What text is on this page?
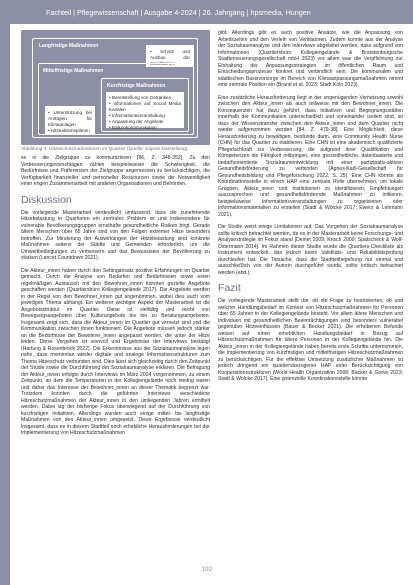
Fachteil | Pflegewissenschaft | Ausgabe 4-2024 | 26. Jahrgang | hpsmedia, Hungen
Langfristige Maßnahmen
• Schutz und Ausbau der Grünflächen
Mittelfristige Maßnahmen
• Unterstützung bei Anträgen für Klimaanlagen
• Hitzeaktionsplänen
Kurzfristige Maßnahmen
• Bereitstellung von Getränken
• Informationen auf Social Media Kanälen
• Informationsveranstaltung
• Anpassung der Angebote
• Balkonkommunikation
Abbildung 4: Hitzeschutzmaßnahmen im Quartier (Quelle: Eigene Darstellung)

se in die Zielgruppe zu kommunizieren [86, Z. 348-352]. Zu den Verbesserungsvorschlägen zählen beispielsweise die Schwierigkeit, die Bedürfnisse und Präferenzen der Zielgruppe angemessen zu berücksichtigen, die Verfügbarkeit finanzieller und personeller Ressourcen sowie die Notwendigkeit einer engen Zusammenarbeit mit anderen Organisationen und Behörden.

Diskussion

Die vorliegende Masterarbeit verdeutlicht umfassend, dass die zunehmende Hitzebelastung in Quartieren ein zentrales Problem ist und insbesondere für vulnerable Bevölkerungsgruppen ernsthafte gesundheitliche Risiken birgt. Gerade ältere Menschen über 65 Jahre sind von den Folgen extremer Hitze besonders betroffen. Zur Minderung der Auswirkungen der Hitzebelastung sind konkrete Maßnahmen seitens der Städte und Gemeinden erforderlich, um die Umweltbedingungen zu verbessern und das Bewusstsein der Bevölkerung zu stärken (Lancet Countdown 2021).

Die Akteur_innen haben durch den Settingansatz positive Erfahrungen im Quartier gemacht. Durch die Analyse von Bedarfen und Bedürfnissen sowie einen regelmäßigen Austausch mit den Bewohner_innen konnten gezielte Angebote geschaffen werden (Quartiersbüro Kollegiengelände 2017). Die Angebote werden in der Regel von den Bewohner_innen gut angenommen, wobei dies auch vom jeweiligen Thema abhängt. Ein weiterer wichtiger Aspekt der Masterarbeit ist die Angebotsstruktur im Quartier. Diese ist vielfältig und reicht von Bewegungsangeboten über Kulturangebote bis hin zu Beratungsangeboten. Insgesamt zeigt sich, dass die Akteur_innen im Quartier gut vernetzt sind und die Kommunikation zwischen ihnen funktioniert. Die Angebote müssen jedoch stärker an die Bedürfnisse der Bewohner_innen angepasst werden, die unter der Hitze leiden. Diese Vorgehen ist sinnvoll und Ergebnisse der Interviews bestätigt (Hartung & Rosenbrock 2022). Die Erkenntnisse aus der Sozialraumanalyse legen nahe, dass momentan wieder digitale und analoge Informationsstrukturen zum Thema Hitzeschutz verbunden sind. Dies lässt sich gleichzeitig durch den Zeitpunkt der Studie sowie die Durchführung der Sozialraumanalyse erklären. Die Befragung der Akteur_innen erfolgte durch Interviews im März 2024 vorgenommen, zu einem Zeitpunkt, an dem die Temperaturen in der Kollegiengelände noch niedrig waren und daher das Interesse der Bewohner_innen an dieser Thematik begrenzt war. Trotzdem konnten durch die geführten Interviews verschiedene Hitzeschutzmaßnahmen der Akteur_innen in den umliegenden Jahren ermittelt werden. Dabei lag der bisherige Fokus überwiegend auf der Durchführung von kurzfristigen Initiativen. Allerdings wurden auch einige mittel- bis langfristige Maßnahmen von den Akteur_innen umgesetzt. Diese Ergebnisse verdeutlicht insgesamt, dass es in diesem Stadtteil noch erhebliche Herausforderungen bei der Implementierung von Hitzeschutzmaßnahmen

gibt. Allerdings gibt es auch positive Ansätze, wie die Anpassung von Arbeitszeiten und den Verleih von Ventilatoren. Zudem konnte aus der Analyse der Sozialraumanalyse und den Interviews abgeleitet werden, dass aufgrund von Informationen (Quartiersbüro Kollegiengelände & Brandenburgische Stadterneuerungsgesellschaft mbH 2023) vor allem was die Verpflichtung zur Einhaltung der Anpassungsstrategien im öffentlichen Raum und Entscheidungsprozesse konkret und verbindlich sein. Die kommunalen und städtischen Basisvorsorge im Bereich von Klimaanpassungsmaßnahmen nimmt eine zentrale Position ein (Brand et al. 2023; Stadt Köln 2023).

Eine zusätzliche Herausforderung liegt in der ungenügenden Vernetzung sowohl zwischen den Akteur_innen als auch teilweise mit den Bewohner_innen. Die Konsequenzen hat dazu geführt, dass Initiativen und Begegnungsstätten innerhalb der Kommunikation unterschiedlich und voneinander isoliert sind, so dass der Wissenstransfer zwischen den Akteur_innen und dem Quartier nicht wieder aufgenommen werden [84, Z. 479-38]. Eine Möglichkeit, diese Herausforderung zu bewältigen, bestünde darin, eine Community Health Nurse (CHN) für das Quartier zu etablieren. Eine CHN ist eine akademisch qualifizierte Pflegefachkraft zur Verbesserung, die aufgrund ihrer Qualifikation und Kompetenzen die Fähigkeit mitbringen, eine gesundheitliche, datenbasierte und bedarfsorientierte Sozialraumentwicklung mit einer partizipativ-aktiven Gesundheitsförderung zu verbinden (Agnes-Karll-Gesellschaft für Gesundheitsbildung und Pflegeforschung 2022, S. 25). Eine CHN könnte als Koordinationsstelle in einem HAP eine zentrale Rolle übernehmen, um lokale Gruppen, Akteur_innen und Institutionen zu identifizieren, Empfehlungen auszusprechen und gesundheitsfördernde Maßnahmen zu initiieren, beispielsweise Informationsveranstaltungen zu organisieren oder Informationsmaterialien zu erstellen (Stadt & Wölcke 2017; Ewers & Lehmann 2021).

Die Studie weist einige Limitationen auf. Das Vorgehen der Sozialraumanalyse sollte kritisch betrachtet werden, da es in der Masterarbeit keine Forschungs- und Analysestrategie im Fokus stand [Deinet 2009; Krisch 2009; Spatscheck & Wolf-Ostermann 2014]. Im Rahmen dieser Studie wurde die Quartiers-Checkliste als Instrument entwickelt, das jedoch keine Validitäts- und Reliabilitätsprüfung durchlaufen hat. Die Tatsache, dass die Stadtteilbegehung nur einmal und ausschließlich von der Autorin durchgeführt wurde, sollte kritisch betrachtet werden (ebd.).

Fazit

Die vorliegende Masterarbeit stellt dar, ob die Frage zu beantworten, ob und welcher Handlungsbedarf im Kontext von Hitzeschutzmaßnahmen für Personen über 65 Jahren in der Kollegiengelände besteht. Vor allem ältere Menschen und Individuen mit gesundheitlichen Beeinträchtigungen sind besonders vulnerabel gegenüber Hitzeeinflüssen (Bauer & Becker 2021). Die erhobenen Befunde weisen auf einen erheblichen Handlungsbedarf in Bezug auf Hitzeschutzmaßnahmen für ältere Personen in der Kollegiengelände hin. Die Akteur_innen in der Kollegiengelände haben bereits erste Schritte unternommen, die Implementierung von kurzfristigen und mittelfristigen Hitzeschutzmaßnahmen zu berücksichtigen. Für die effektive Umsetzung zusätzlicher Maßnahmen ist jedoch dringend ein quartiersbezogener HAP unter Berücksichtigung von Kooperationsstrukturen (World Health Organization 2008; Bäcker & Greve 2023; Stadt & Wölcke 2017). Eine potenzielle Koordinationsstelle könnte

192
